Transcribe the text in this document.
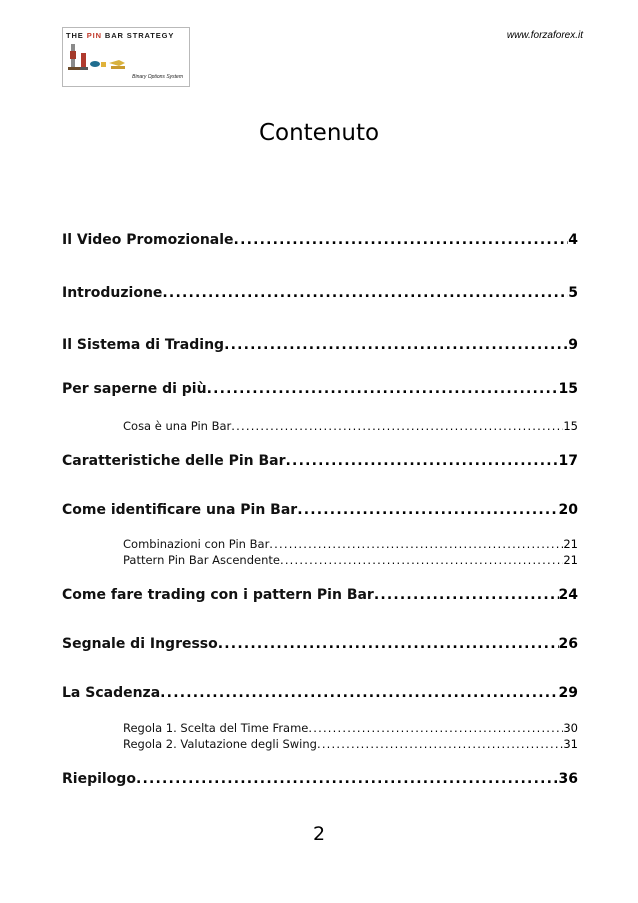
www.forzaforex.it
THE PIN BAR STRATEGY
Binary Options System
Contenuto
Il Video Promozionale .....	4
Introduzione .....	5
Il Sistema di Trading .....	9
Per saperne di più .....	15
Cosa è una Pin Bar .....	15
Caratteristiche delle Pin Bar .....	17
Come identificare una Pin Bar .....	20
Combinazioni con Pin Bar .....	21
Pattern Pin Bar Ascendente .....	21
Come fare trading con i pattern Pin Bar .....	24
Segnale di Ingresso .....	26
La Scadenza .....	29
Regola 1. Scelta del Time Frame .....	30
Regola 2. Valutazione degli Swing .....	31
Riepilogo .....	36
2
